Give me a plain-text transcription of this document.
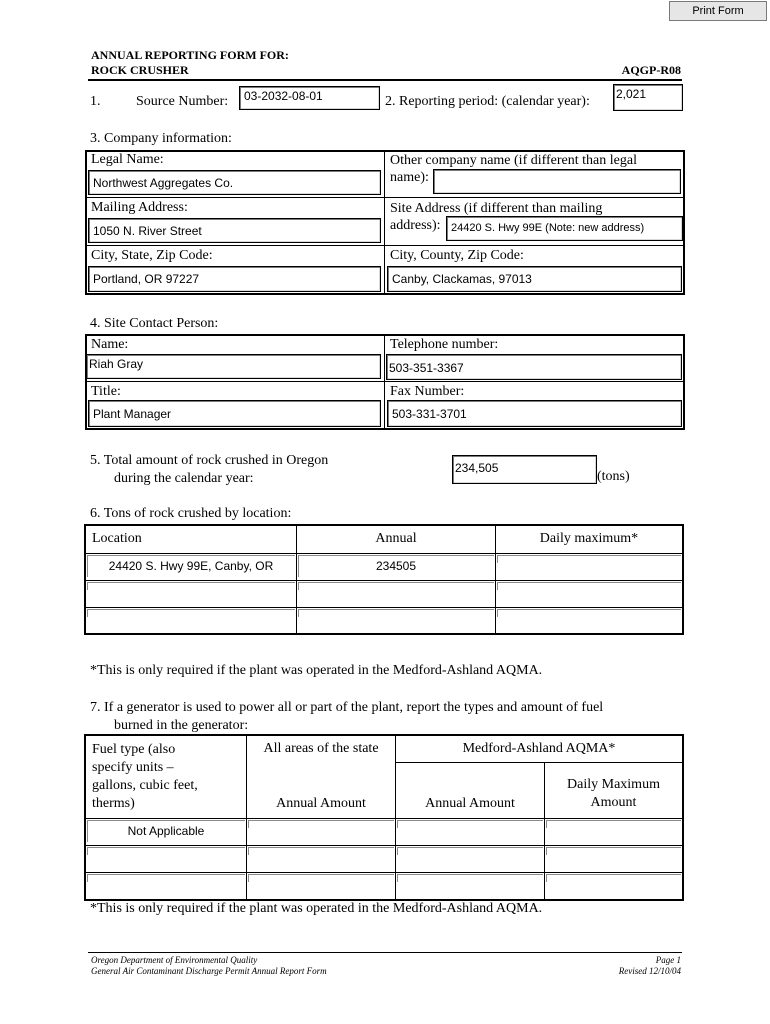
Print Form
ANNUAL REPORTING FORM FOR:
ROCK CRUSHER	AQGP-R08
1.	Source Number:	03-2032-08-01	2. Reporting period: (calendar year): 2,021
3. Company information:
Legal Name:
Northwest Aggregates Co.
Other company name (if different than legal
name):
Mailing Address:
1050 N. River Street
Site Address (if different than mailing
address): 24420 S. Hwy 99E (Note: new address)
City, State, Zip Code:
Portland, OR 97227
City, County, Zip Code:
Canby, Clackamas, 97013
4. Site Contact Person:
Name:
Riah Gray
Telephone number:
503-351-3367
Title:
Plant Manager
Fax Number:
503-331-3701
5. Total amount of rock crushed in Oregon
during the calendar year:
234,505
(tons)
6. Tons of rock crushed by location:
Location	Annual	Daily maximum*

24420 S. Hwy 99E, Canby, OR	234505	

*This is only required if the plant was operated in the Medford-Ashland AQMA.
7. If a generator is used to power all or part of the plant, report the types and amount of fuel
burned in the generator:
Fuel type (also
specify units –
gallons, cubic feet,
therms)	All areas of the state	Medford-Ashland AQMA*	
	Annual Amount	Annual Amount	Daily Maximum
Amount

Not Applicable			

*This is only required if the plant was operated in the Medford-Ashland AQMA.
Oregon Department of Environmental Quality
General Air Contaminant Discharge Permit Annual Report Form
Page 1
Revised 12/10/04
